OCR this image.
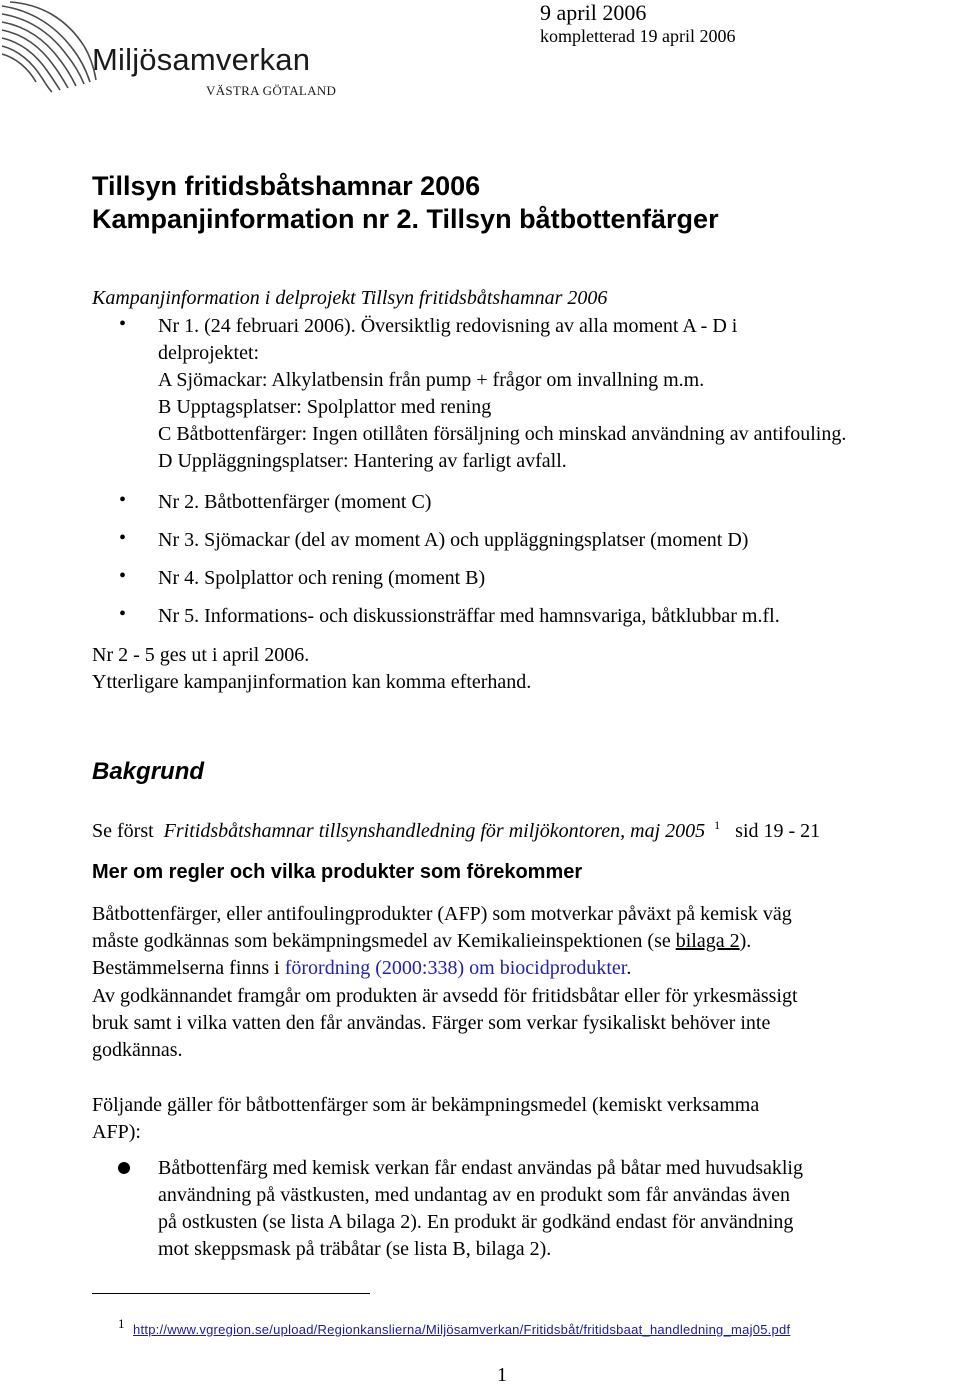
9 april 2006
kompletterad 19 april 2006
Miljösamverkan
VÄSTRA GÖTALAND
Tillsyn fritidsbåtshamnar 2006
Kampanjinformation nr 2. Tillsyn båtbottenfärger
Kampanjinformation i delprojekt Tillsyn fritidsbåtshamnar 2006
• Nr 1. (24 februari 2006). Översiktlig redovisning av alla moment A - D i
delprojektet:
A Sjömackar: Alkylatbensin från pump + frågor om invallning m.m.
B Upptagsplatser: Spolplattor med rening
C Båtbottenfärger: Ingen otillåten försäljning och minskad användning av antifouling.
D Uppläggningsplatser: Hantering av farligt avfall.
• Nr 2. Båtbottenfärger (moment C)
• Nr 3. Sjömackar (del av moment A) och uppläggningsplatser (moment D)
• Nr 4. Spolplattor och rening (moment B)
• Nr 5. Informations- och diskussionsträffar med hamnsvariga, båtklubbar m.fl.
Nr 2 - 5 ges ut i april 2006.
Ytterligare kampanjinformation kan komma efterhand.
Bakgrund
Se först Fritidsbåtshamnar tillsynshandledning för miljökontoren, maj 2005 $^1$ sid 19 - 21
Mer om regler och vilka produkter som förekommer
Båtbottenfärger, eller antifoulingprodukter (AFP) som motverkar påväxt på kemisk väg
måste godkännas som bekämpningsmedel av Kemikalieinspektionen (se bilaga 2).
Bestämmelserna finns i förordning (2000:338) om biocidprodukter.
Av godkännandet framgår om produkten är avsedd för fritidsbåtar eller för yrkesmässigt
bruk samt i vilka vatten den får användas. Färger som verkar fysikaliskt behöver inte
godkännas.
Följande gäller för båtbottenfärger som är bekämpningsmedel (kemiskt verksamma
AFP):
Båtbottenfärg med kemisk verkan får endast användas på båtar med huvudsaklig
användning på västkusten, med undantag av en produkt som får användas även
på ostkusten (se lista A bilaga 2). En produkt är godkänd endast för användning
mot skeppsmask på träbåtar (se lista B, bilaga 2).
1 http://www.vgregion.se/upload/Regionkanslierna/Miljösamverkan/Fritidsbåt/fritidsbaat_handledning_maj05.pdf
1
